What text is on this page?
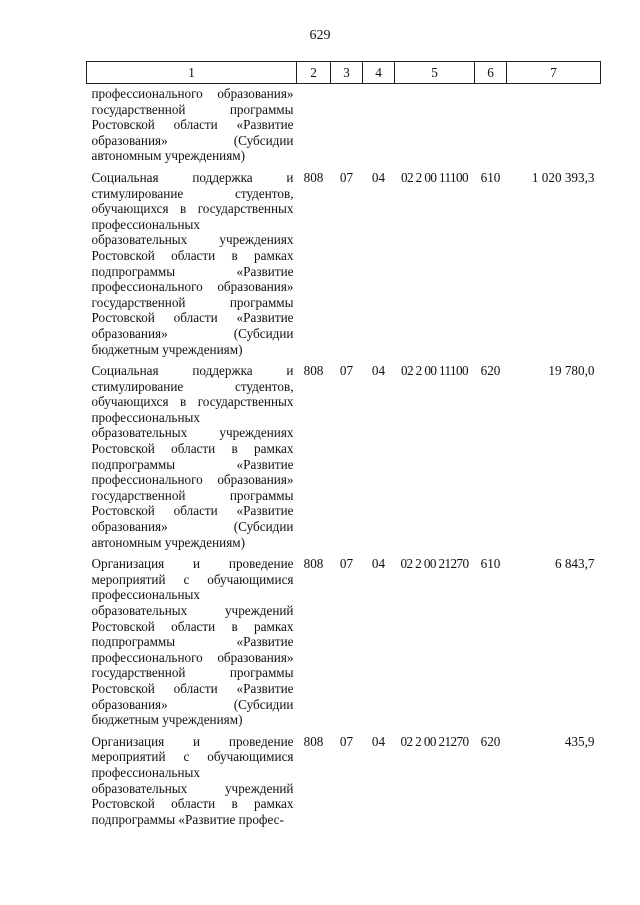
629
1	2	3	4	5	6	7
профессионального образования» государственной программы Ростовской области «Развитие образования» (Субсидии автономным учреждениям)						
Социальная поддержка и стимулирование студентов, обучающихся в государственных профессиональных образовательных учреждениях Ростовской области в рамках подпрограммы «Развитие профессионального образования» государственной программы Ростовской области «Развитие образования» (Субсидии бюджетным учреждениям)	808	07	04	02 2 00 11100	610	1 020 393,3
Социальная поддержка и стимулирование студентов, обучающихся в государственных профессиональных образовательных учреждениях Ростовской области в рамках подпрограммы «Развитие профессионального образования» государственной программы Ростовской области «Развитие образования» (Субсидии автономным учреждениям)	808	07	04	02 2 00 11100	620	19 780,0
Организация и проведение мероприятий с обучающимися профессиональных образовательных учреждений Ростовской области в рамках подпрограммы «Развитие профессионального образования» государственной программы Ростовской области «Развитие образования» (Субсидии бюджетным учреждениям)	808	07	04	02 2 00 21270	610	6 843,7
Организация и проведение мероприятий с обучающимися профессиональных образовательных учреждений Ростовской области в рамках подпрограммы «Развитие профес-	808	07	04	02 2 00 21270	620	435,9
